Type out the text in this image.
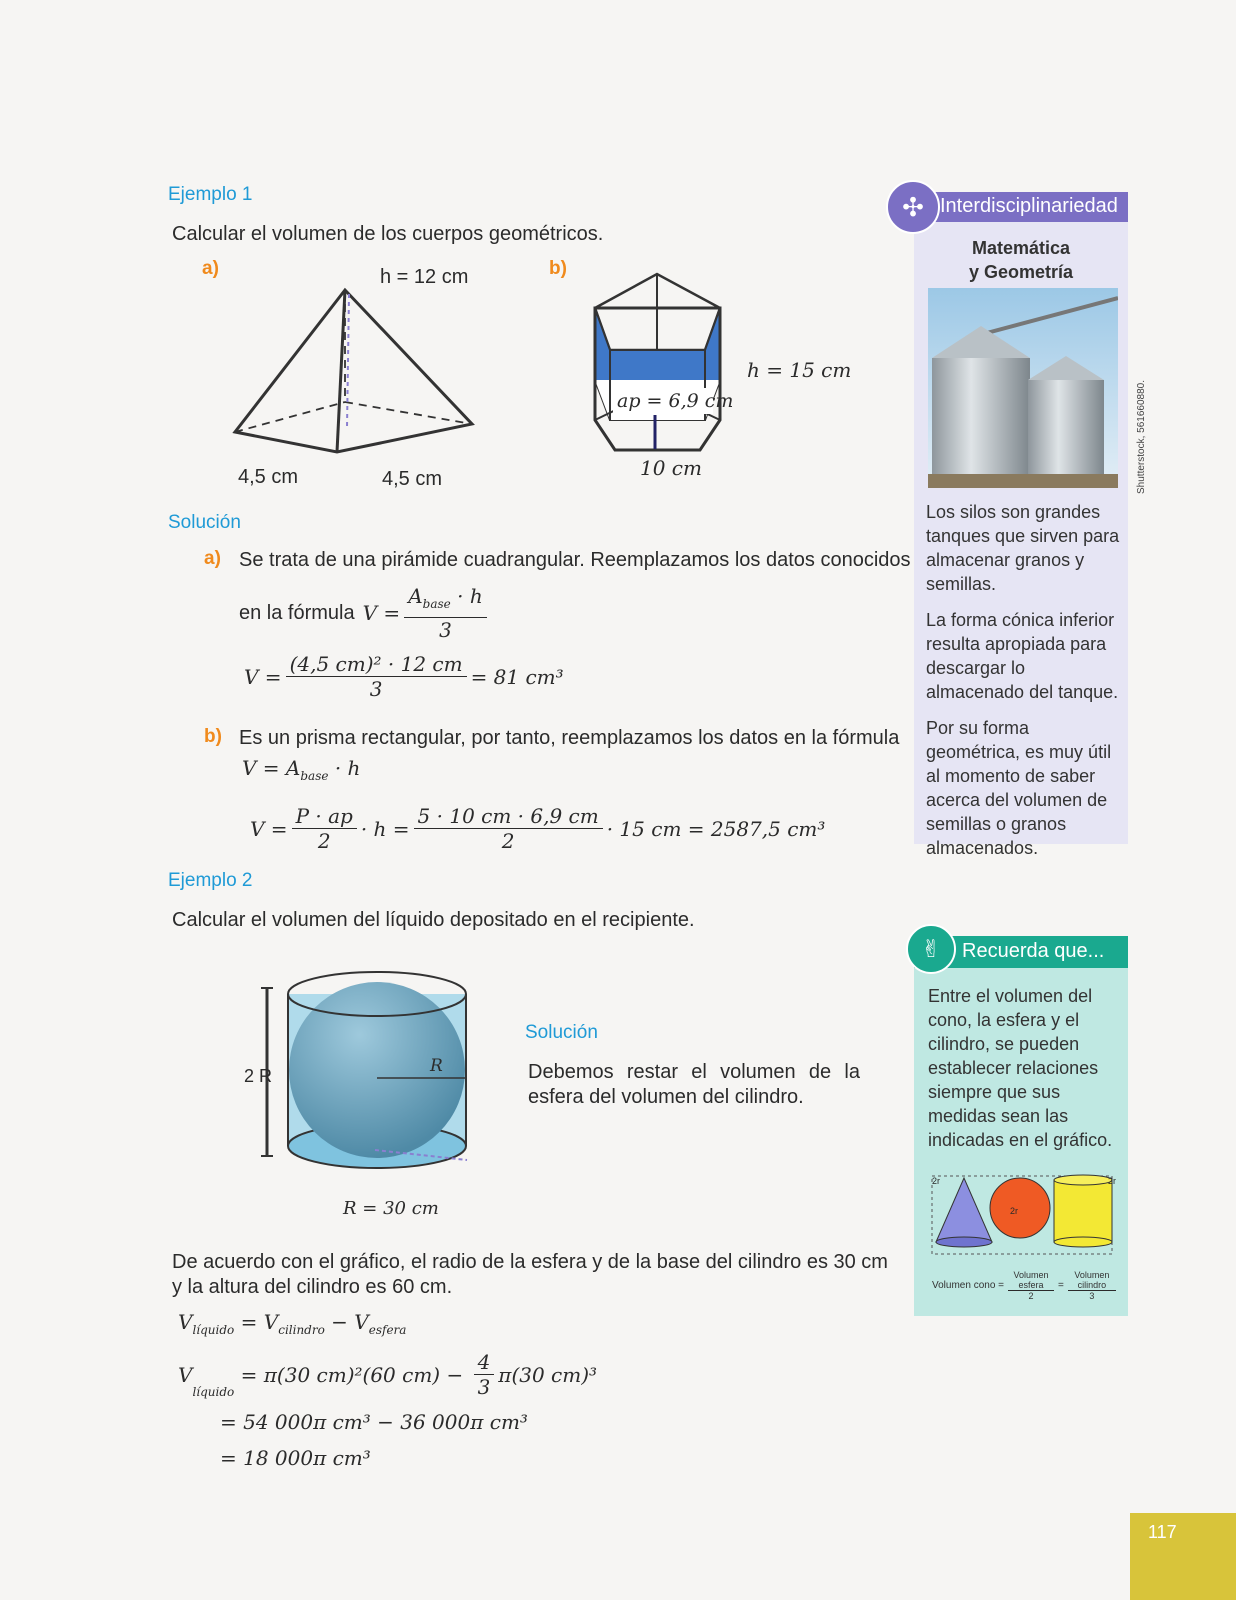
Ejemplo 1
Calcular el volumen de los cuerpos geométricos.
a)	h = 12 cm
4,5 cm	4,5 cm
b)
ap = 6,9 cm
h = 15 cm
10 cm
Solución
a) Se trata de una pirámide cuadrangular. Reemplazamos los datos conocidos
en la fórmula $V = \frac{A_{base} \cdot h}{3}$
$V = \frac{\text{(4,5 cm)² · 12 cm}}{3} = 81$ cm³
b) Es un prisma rectangular, por tanto, reemplazamos los datos en la fórmula
$V = A_{base} \cdot h$
$V = \frac{P \cdot ap}{2} \cdot h = \frac{5 \cdot 10 cm \cdot 6,9 cm}{2} \cdot 15$ cm = 2587,5 cm³
Ejemplo 2
Calcular el volumen del líquido depositado en el recipiente.
2 R	R
R = 30 cm
Solución
Debemos restar el volumen de la esfera del volumen del cilindro.
De acuerdo con el gráfico, el radio de la esfera y de la base del cilindro es 30 cm y la altura del cilindro es 60 cm.
$V_{líquido} = V_{cilindro} - V_{esfera}$
V
$_{líquido}$
= π(30 cm)²(60 $cm) - \frac{4}{3} \pi(30$ cm)³
= 54 000π cm³ − 36 000π cm³
= 18 000π cm³
✣ Interdisciplinariedad
Matemática
y Geometría
Shutterstock, 561660880.
Los silos son grandes tanques que sirven para almacenar granos y semillas.
La forma cónica inferior resulta apropiada para descargar lo almacenado del tanque.
Por su forma geométrica, es muy útil al momento de saber acerca del volumen de semillas o granos almacenados.
✌	Recuerda que...
Entre el volumen del cono, la esfera y el cilindro, se pueden establecer relaciones siempre que sus medidas sean las indicadas en el gráfico.
2r
2r
2r
Volumen cono = $\frac{\text{Volumen esfera}}{2} = \frac{\text{Volumen cilindro}}{3}$
117
